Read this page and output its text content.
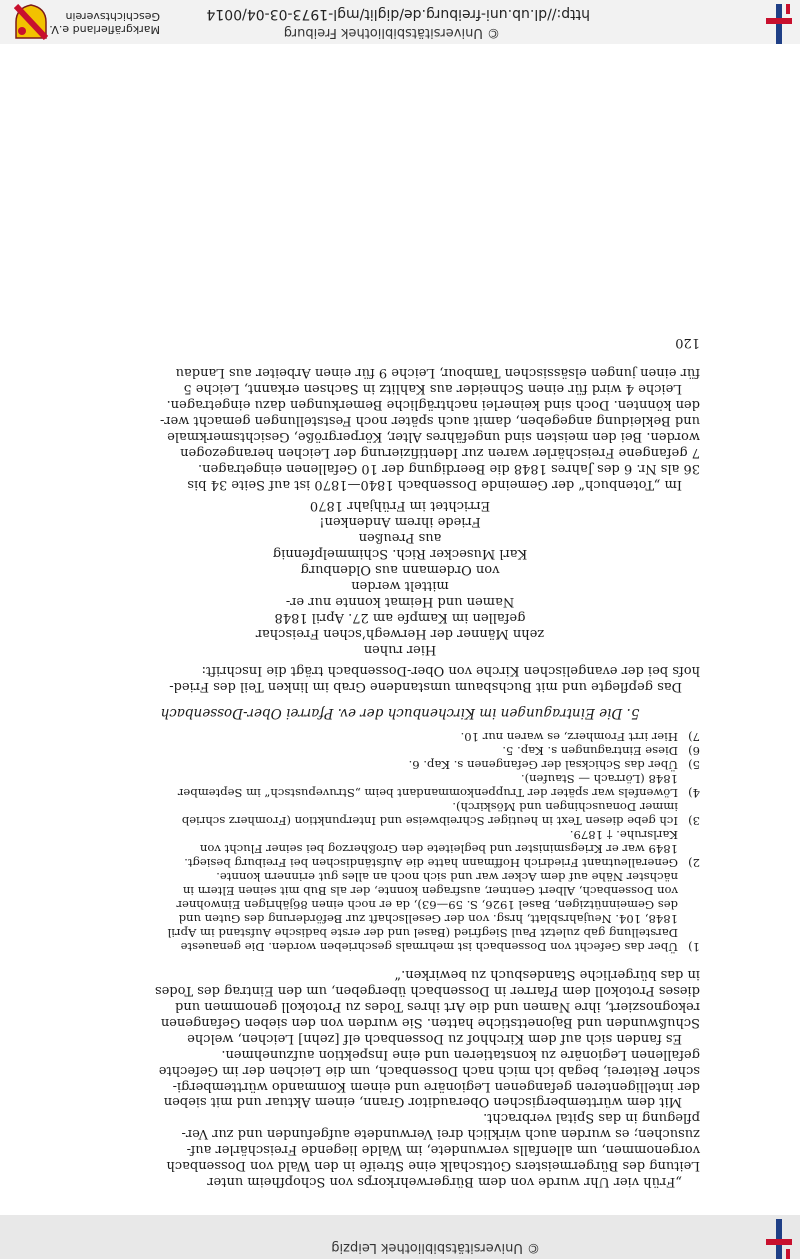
© Universitätsbibliothek Leipzig

„Früh vier Uhr wurde von dem Bürgerwehrkorps von Schopfheim unter

Leitung des Bürgermeisters Gottschalk eine Streife in den Wald von Dossenbach

vorgenommen, um allenfalls verwundete, im Walde liegende Freischärler auf-

zusuchen; es wurden auch wirklich drei Verwundete aufgefunden und zur Ver-

pflegung in das Spital verbracht.

Mit dem württembergischen Oberauditor Grann, einem Aktuar und mit sieben

der intelligenteren gefangenen Legionäre und einem Kommando württembergi-

scher Reiterei, begab ich mich nach Dossenbach, um die Leichen der im Gefechte

gefallenen Legionäre zu konstatieren und eine Inspektion aufzunehmen.

Es fanden sich auf dem Kirchhof zu Dossenbach elf [zehn] Leichen, welche

Schußwunden und Bajonettstiche hatten. Sie wurden von den sieben Gefangenen

rekognosziert, ihre Namen und die Art ihres Todes zu Protokoll genommen und

dieses Protokoll dem Pfarrer in Dossenbach übergeben, um den Eintrag des Todes

in das bürgerliche Standesbuch zu bewirken.“

1)
Über das Gefecht von Dossenbach ist mehrmals geschrieben worden. Die genaueste
Darstellung gab zuletzt Paul Siegfried (Basel und der erste badische Aufstand im April
1848, 104. Neujahrsblatt, hrsg. von der Gesellschaft zur Beförderung des Guten und
des Gemeinnützigen, Basel 1926, S. 59—63), da er noch einen 86jährigen Einwohner
von Dossenbach, Albert Gentner, ausfragen konnte, der als Bub mit seinen Eltern in
nächster Nähe auf dem Acker war und sich noch an alles gut erinnern konnte.
2)
Generalleutnant Friedrich Hoffmann hatte die Aufständischen bei Freiburg besiegt.
1849 war er Kriegsminister und begleitete den Großherzog bei seiner Flucht von
Karlsruhe. † 1879.
3)
Ich gebe diesen Text in heutiger Schreibweise und Interpunktion (Fromherz schrieb
immer Donauschingen und Möskirch).
4)
Löwenfels war später der Truppenkommandant beim „Struvepustsch“ im September
1848 (Lörrach — Staufen).
5)
Über das Schicksal der Gefangenen s. Kap. 6.
6)
Diese Eintragungen s. Kap. 5.
7)
Hier irrt Fromherz, es waren nur 10.

5. Die Eintragungen im Kirchenbuch der ev. Pfarrei Ober-Dossenbach

Das gepflegte und mit Buchsbaum umstandene Grab im linken Teil des Fried-

hofs bei der evangelischen Kirche von Ober-Dossenbach trägt die Inschrift:

Hier ruhen

zehn Männer der Herwegh’schen Freischar

gefallen im Kampfe am 27. April 1848

Namen und Heimat konnte nur er-

mittelt werden

von Ordemann aus Oldenburg

Karl Musecker Rich. Schimmelpfennig

aus Preußen

Friede ihrem Andenken!

Errichtet im Frühjahr 1870

Im „Totenbuch“ der Gemeinde Dossenbach 1840—1870 ist auf Seite 34 bis

36 als Nr. 6 des Jahres 1848 die Beerdigung der 10 Gefallenen eingetragen.

7 gefangene Freischärler waren zur Identifizierung der Leichen herangezogen

worden. Bei den meisten sind ungefähres Alter, Körpergröße, Gesichtsmerkmale

und Bekleidung angegeben, damit auch später noch Feststellungen gemacht wer-

den könnten. Doch sind keinerlei nachträgliche Bemerkungen dazu eingetragen.

Leiche 4 wird für einen Schneider aus Kahlitz in Sachsen erkannt, Leiche 5

für einen jungen elsässischen Tambour, Leiche 9 für einen Arbeiter aus Landau

120

© Universitätsbibliothek Freiburg
http://dl.ub.uni-freiburg.de/diglit/mgl-1973-03-04/0014
Markgräflerland e.V.
Geschichtsverein
